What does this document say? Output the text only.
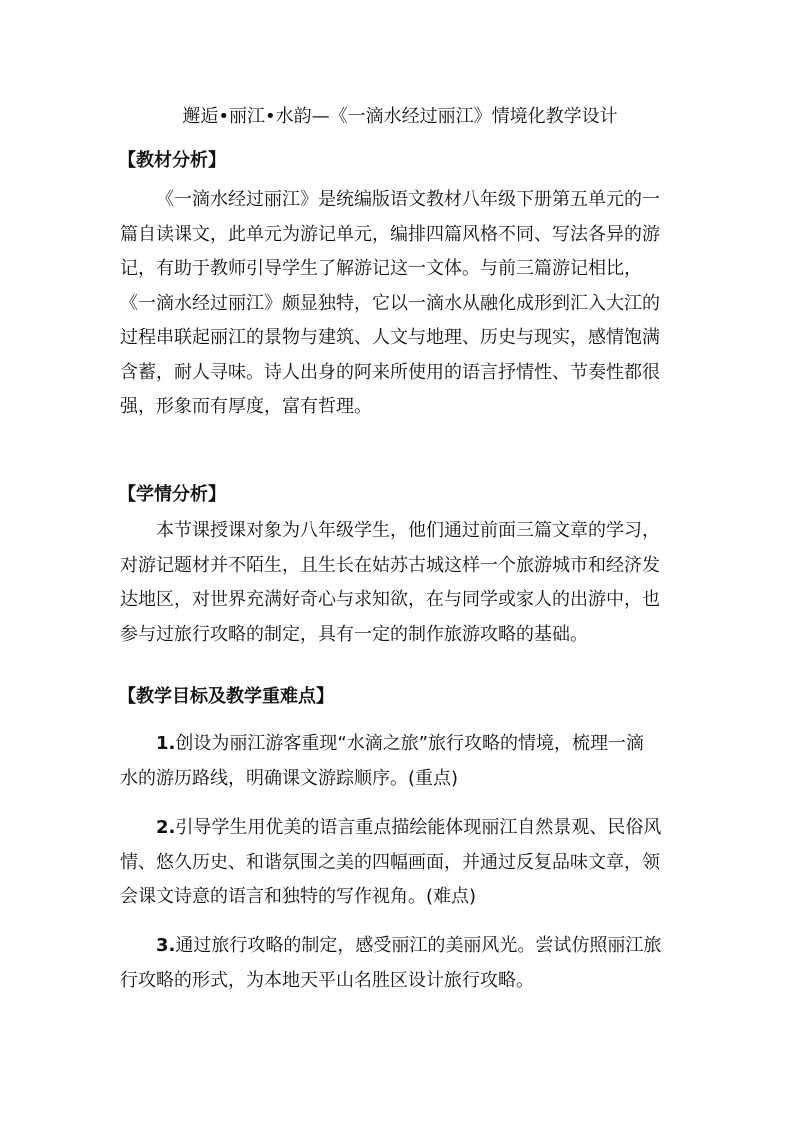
邂逅•丽江•水韵—《一滴水经过丽江》情境化教学设计
【教材分析】
《一滴水经过丽江》是统编版语文教材八年级下册第五单元的一
篇自读课文，此单元为游记单元，编排四篇风格不同、写法各异的游
记，有助于教师引导学生了解游记这一文体。与前三篇游记相比，
《一滴水经过丽江》颇显独特，它以一滴水从融化成形到汇入大江的
过程串联起丽江的景物与建筑、人文与地理、历史与现实，感情饱满
含蓄，耐人寻味。诗人出身的阿来所使用的语言抒情性、节奏性都很
强，形象而有厚度，富有哲理。
【学情分析】
本节课授课对象为八年级学生，他们通过前面三篇文章的学习，
对游记题材并不陌生，且生长在姑苏古城这样一个旅游城市和经济发
达地区，对世界充满好奇心与求知欲，在与同学或家人的出游中，也
参与过旅行攻略的制定，具有一定的制作旅游攻略的基础。
【教学目标及教学重难点】
1.创设为丽江游客重现“水滴之旅”旅行攻略的情境，梳理一滴
水的游历路线，明确课文游踪顺序。(重点)
2.引导学生用优美的语言重点描绘能体现丽江自然景观、民俗风
情、悠久历史、和谐氛围之美的四幅画面，并通过反复品味文章，领
会课文诗意的语言和独特的写作视角。(难点)
3.通过旅行攻略的制定，感受丽江的美丽风光。尝试仿照丽江旅
行攻略的形式，为本地天平山名胜区设计旅行攻略。
